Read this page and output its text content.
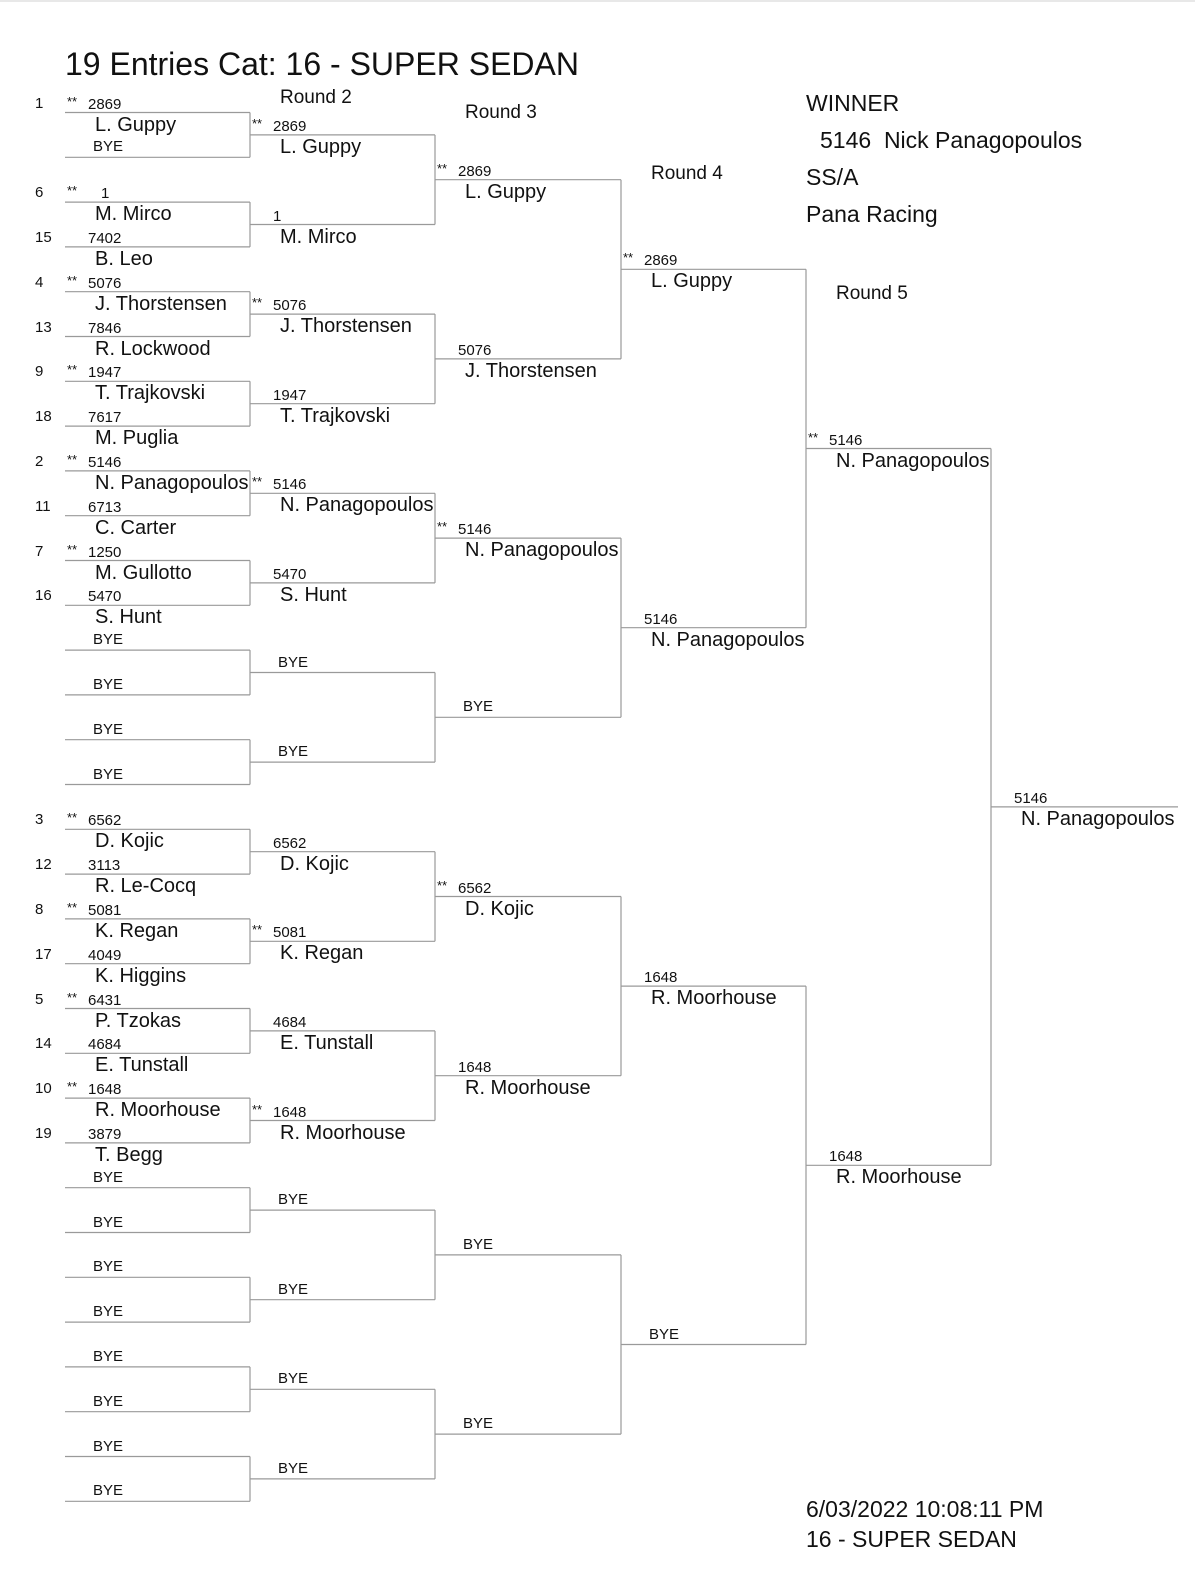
19 Entries Cat: 16 - SUPER SEDAN
Round 2
Round 3
Round 4
Round 5
WINNER
5146  Nick Panagopoulos
SS/A
Pana Racing
6/03/2022 10:08:11 PM
16 - SUPER SEDAN
1 ** 2869
L. Guppy
BYE
6 ** 1
M. Mirco
15 7402
B. Leo
4 ** 5076
J. Thorstensen
13 7846
R. Lockwood
9 ** 1947
T. Trajkovski
18 7617
M. Puglia
2 ** 5146
N. Panagopoulos
11 6713
C. Carter
7 ** 1250
M. Gullotto
16 5470
S. Hunt
BYE
BYE
BYE
BYE
3 ** 6562
D. Kojic
12 3113
R. Le-Cocq
8 ** 5081
K. Regan
17 4049
K. Higgins
5 ** 6431
P. Tzokas
14 4684
E. Tunstall
10 ** 1648
R. Moorhouse
19 3879
T. Begg
BYE
BYE
BYE
BYE
BYE
BYE
BYE
BYE
** 2869
L. Guppy
1
M. Mirco
** 5076
J. Thorstensen
1947
T. Trajkovski
** 5146
N. Panagopoulos
5470
S. Hunt
BYE
BYE
6562
D. Kojic
** 5081
K. Regan
4684
E. Tunstall
** 1648
R. Moorhouse
BYE
BYE
BYE
BYE
** 2869
L. Guppy
5076
J. Thorstensen
** 5146
N. Panagopoulos
BYE
** 6562
D. Kojic
1648
R. Moorhouse
BYE
BYE
** 2869
L. Guppy
5146
N. Panagopoulos
1648
R. Moorhouse
BYE
** 5146
N. Panagopoulos
1648
R. Moorhouse
5146
N. Panagopoulos
